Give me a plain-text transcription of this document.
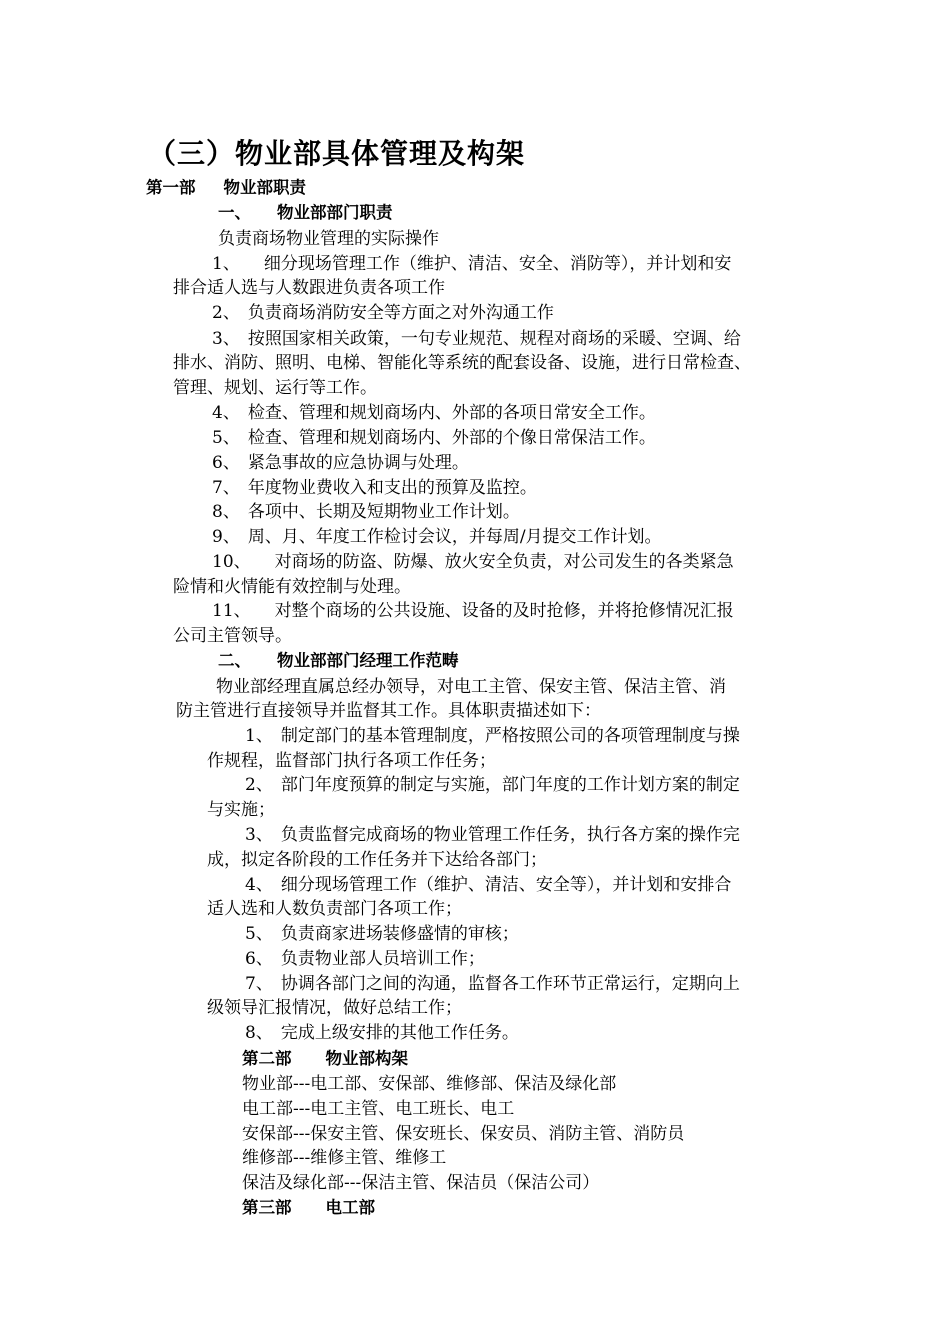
（三）物业部具体管理及构架
第一部 物业部职责
一、 物业部部门职责
负责商场物业管理的实际操作
1、 细分现场管理工作（维护、清洁、安全、消防等），并计划和安
排合适人选与人数跟进负责各项工作
2、 负责商场消防安全等方面之对外沟通工作
3、 按照国家相关政策，一句专业规范、规程对商场的采暖、空调、给
排水、消防、照明、电梯、智能化等系统的配套设备、设施，进行日常检查、
管理、规划、运行等工作。
4、 检查、管理和规划商场内、外部的各项日常安全工作。
5、 检查、管理和规划商场内、外部的个像日常保洁工作。
6、 紧急事故的应急协调与处理。
7、 年度物业费收入和支出的预算及监控。
8、 各项中、长期及短期物业工作计划。
9、 周、月、年度工作检讨会议，并每周/月提交工作计划。
10、 对商场的防盗、防爆、放火安全负责，对公司发生的各类紧急
险情和火情能有效控制与处理。
11、 对整个商场的公共设施、设备的及时抢修，并将抢修情况汇报
公司主管领导。
二、 物业部部门经理工作范畴
物业部经理直属总经办领导，对电工主管、保安主管、保洁主管、消
防主管进行直接领导并监督其工作。具体职责描述如下：
1、 制定部门的基本管理制度，严格按照公司的各项管理制度与操
作规程，监督部门执行各项工作任务；
2、 部门年度预算的制定与实施，部门年度的工作计划方案的制定
与实施；
3、 负责监督完成商场的物业管理工作任务，执行各方案的操作完
成，拟定各阶段的工作任务并下达给各部门；
4、 细分现场管理工作（维护、清洁、安全等），并计划和安排合
适人选和人数负责部门各项工作；
5、 负责商家进场装修盛情的审核；
6、 负责物业部人员培训工作；
7、 协调各部门之间的沟通，监督各工作环节正常运行，定期向上
级领导汇报情况，做好总结工作；
8、 完成上级安排的其他工作任务。
第二部 物业部构架
物业部---电工部、安保部、维修部、保洁及绿化部
电工部---电工主管、电工班长、电工
安保部---保安主管、保安班长、保安员、消防主管、消防员
维修部---维修主管、维修工
保洁及绿化部---保洁主管、保洁员（保洁公司）
第三部 电工部
